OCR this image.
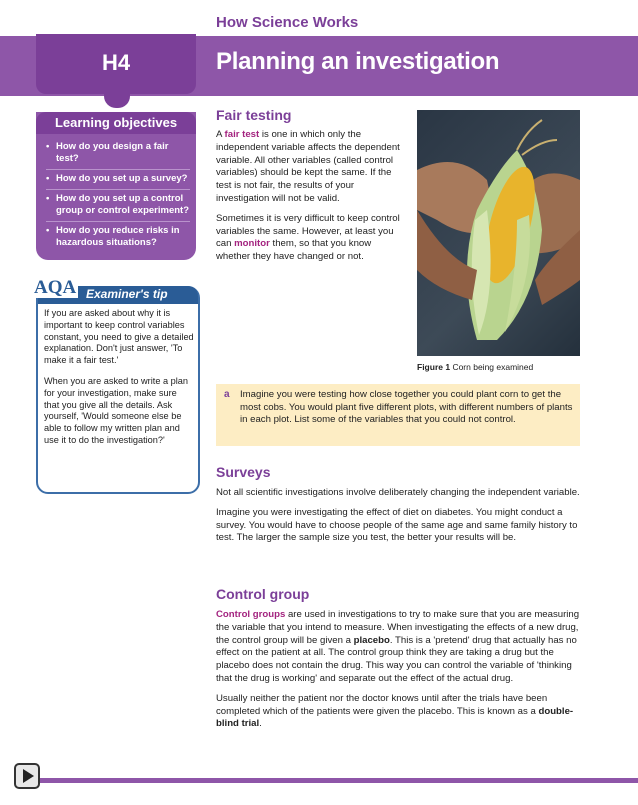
How Science Works
H4	Planning an investigation
• How do you design a fair test?
• How do you set up a survey?
• How do you set up a control group or control experiment?
• How do you reduce risks in hazardous situations?
Learning objectives
AQA Examiner's tip

If you are asked about why it is important to keep control variables constant, you need to give a detailed explanation. Don't just answer, 'To make it a fair test.'

When you are asked to write a plan for your investigation, make sure that you give all the details. Ask yourself, 'Would someone else be able to follow my written plan and use it to do the investigation?'

Fair testing

A fair test is one in which only the independent variable affects the dependent variable. All other variables (called control variables) should be kept the same. If the test is not fair, the results of your investigation will not be valid.

Sometimes it is very difficult to keep control variables the same. However, at least you can monitor them, so that you know whether they have changed or not.

Figure 1 Corn being examined
a Imagine you were testing how close together you could plant corn to get the most cobs. You would plant five different plots, with different numbers of plants in each plot. List some of the variables that you could not control.
Surveys

Not all scientific investigations involve deliberately changing the independent variable.

Imagine you were investigating the effect of diet on diabetes. You might conduct a survey. You would have to choose people of the same age and same family history to test. The larger the sample size you test, the better your results will be.

Control group

Control groups are used in investigations to try to make sure that you are measuring the variable that you intend to measure. When investigating the effects of a new drug, the control group will be given a placebo. This is a 'pretend' drug that actually has no effect on the patient at all. The control group think they are taking a drug but the placebo does not contain the drug. This way you can control the variable of 'thinking that the drug is working' and separate out the effect of the actual drug.

Usually neither the patient nor the doctor knows until after the trials have been completed which of the patients were given the placebo. This is known as a double-blind trial.
